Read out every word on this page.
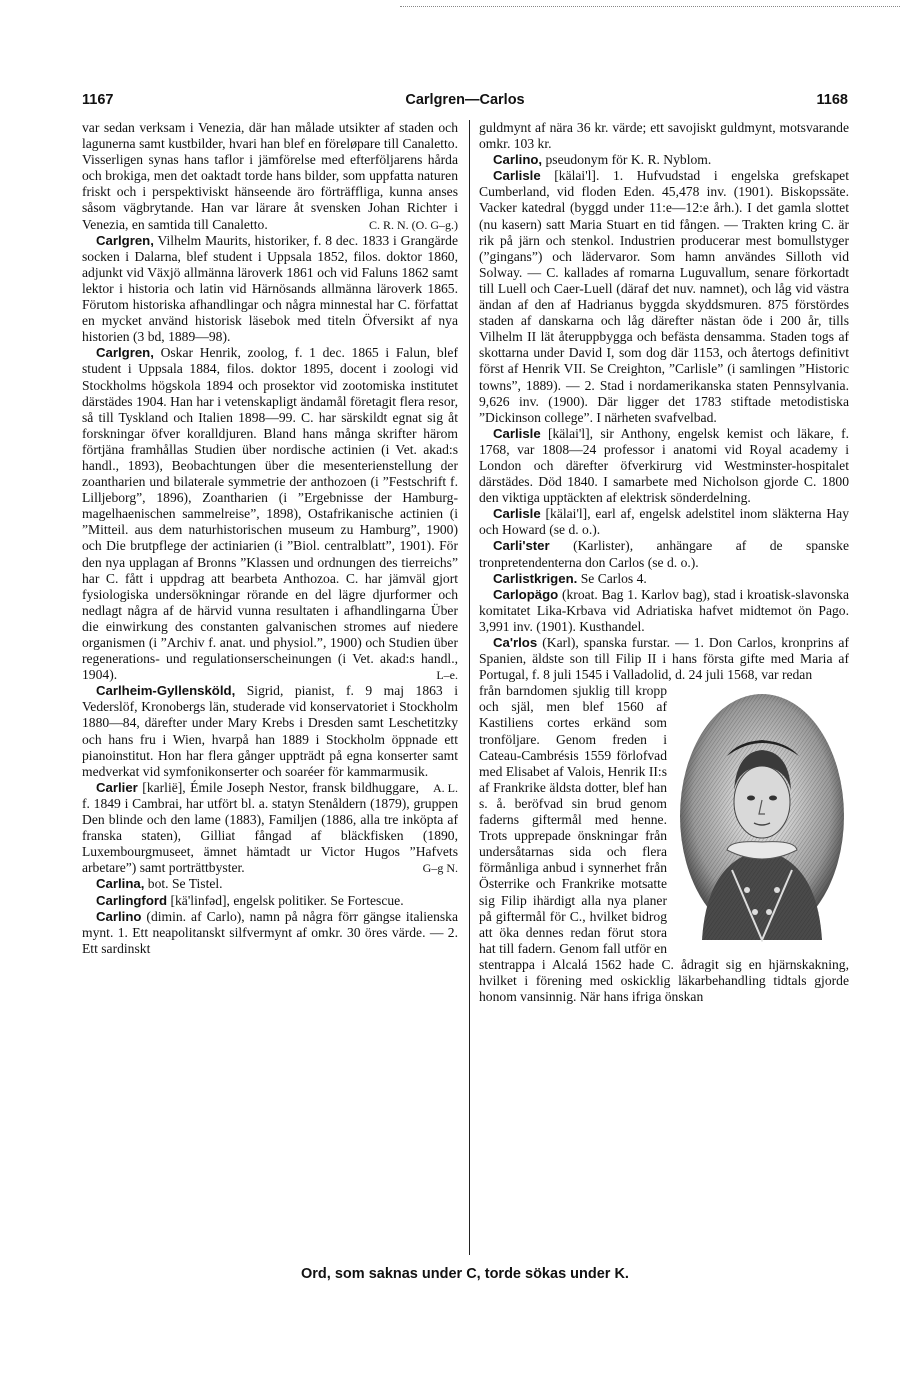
1167	Carlgren—Carlos	1168

var sedan verksam i Venezia, där han målade utsikter af staden och lagunerna samt kustbilder, hvari han blef en föreløpare till Canaletto. Visserligen synas hans taflor i jämförelse med efterföljarens hårda och brokiga, men det oaktadt torde hans bilder, som uppfatta naturen friskt och i perspektiviskt hänseende äro förträffliga, kunna anses såsom vägbrytande. Han var lärare åt svensken Johan Richter i Venezia, en samtida till Canaletto.	C. R. N. (O. G–g.)

Carlgren, Vilhelm Maurits, historiker, f. 8 dec. 1833 i Grangärde socken i Dalarna, blef student i Uppsala 1852, filos. doktor 1860, adjunkt vid Växjö allmänna läroverk 1861 och vid Faluns 1862 samt lektor i historia och latin vid Härnösands allmänna läroverk 1865. Förutom historiska afhandlingar och några minnestal har C. författat en mycket använd historisk läsebok med titeln Öfversikt af nya historien (3 bd, 1889—98).

Carlgren, Oskar Henrik, zoolog, f. 1 dec. 1865 i Falun, blef student i Uppsala 1884, filos. doktor 1895, docent i zoologi vid Stockholms högskola 1894 och prosektor vid zootomiska institutet därstädes 1904. Han har i vetenskapligt ändamål företagit flera resor, så till Tyskland och Italien 1898—99. C. har särskildt egnat sig åt forskningar öfver koralldjuren. Bland hans många skrifter härom förtjäna framhållas Studien über nordische actinien (i Vet. akad:s handl., 1893), Beobachtungen über die mesenterienstellung der zoantharien und bilaterale symmetrie der anthozoen (i ”Festschrift f. Lilljeborg”, 1896), Zoantharien (i ”Ergebnisse der Hamburg-magelhaenischen sammelreise”, 1898), Ostafrikanische actinien (i ”Mitteil. aus dem naturhistorischen museum zu Hamburg”, 1900) och Die brutpflege der actiniarien (i ”Biol. centralblatt”, 1901). För den nya upplagan af Bronns ”Klassen und ordnungen des tierreichs” har C. fått i uppdrag att bearbeta Anthozoa. C. har jämväl gjort fysiologiska undersökningar rörande en del lägre djurformer och nedlagt några af de härvid vunna resultaten i afhandlingarna Über die einwirkung des constanten galvanischen stromes auf niedere organismen (i ”Archiv f. anat. und physiol.”, 1900) och Studien über regenerations- und regulationserscheinungen (i Vet. akad:s handl., 1904).	L–e.

Carlheim-Gyllensköld, Sigrid, pianist, f. 9 maj 1863 i Vederslöf, Kronobergs län, studerade vid konservatoriet i Stockholm 1880—84, därefter under Mary Krebs i Dresden samt Leschetitzky och hans fru i Wien, hvarpå han 1889 i Stockholm öppnade ett pianoinstitut. Hon har flera gånger uppträdt på egna konserter samt medverkat vid symfonikonserter och soaréer för kammarmusik.
A. L.

Carlier [karlië], Émile Joseph Nestor, fransk bildhuggare, f. 1849 i Cambrai, har utfört bl. a. statyn Stenåldern (1879), gruppen Den blinde och den lame (1883), Familjen (1886, alla tre inköpta af franska staten), Gilliat fångad af bläckfisken (1890, Luxembourgmuseet, ämnet hämtadt ur Victor Hugos ”Hafvets arbetare”) samt porträttbyster.	G–g N.

Carlina, bot. Se Tistel.

Carlingford [kä'linfəd], engelsk politiker. Se Fortescue.

Carlino (dimin. af Carlo), namn på några förr gängse italienska mynt. 1. Ett neapolitanskt silfvermynt af omkr. 30 öres värde. — 2. Ett sardinskt

guldmynt af nära 36 kr. värde; ett savojiskt guldmynt, motsvarande omkr. 103 kr.

Carlino, pseudonym för K. R. Nyblom.

Carlisle [kälai'l]. 1. Hufvudstad i engelska grefskapet Cumberland, vid floden Eden. 45,478 inv. (1901). Biskopssäte. Vacker katedral (byggd under 11:e—12:e årh.). I det gamla slottet (nu kasern) satt Maria Stuart en tid fången. — Trakten kring C. är rik på järn och stenkol. Industrien producerar mest bomullstyger (”gingans”) och lädervaror. Som hamn användes Silloth vid Solway. — C. kallades af romarna Luguvallum, senare förkortadt till Luell och Caer-Luell (däraf det nuv. namnet), och låg vid västra ändan af den af Hadrianus byggda skyddsmuren. 875 förstördes staden af danskarna och låg därefter nästan öde i 200 år, tills Vilhelm II lät återuppbygga och befästa densamma. Staden togs af skottarna under David I, som dog där 1153, och återtogs definitivt först af Henrik VII. Se Creighton, ”Carlisle” (i samlingen ”Historic towns”, 1889). — 2. Stad i nordamerikanska staten Pennsylvania. 9,626 inv. (1900). Där ligger det 1783 stiftade metodistiska ”Dickinson college”. I närheten svafvelbad.

Carlisle [kälai'l], sir Anthony, engelsk kemist och läkare, f. 1768, var 1808—24 professor i anatomi vid Royal academy i London och därefter öfverkirurg vid Westminster-hospitalet därstädes. Död 1840. I samarbete med Nicholson gjorde C. 1800 den viktiga upptäckten af elektrisk sönderdelning.

Carlisle [kälai'l], earl af, engelsk adelstitel inom släkterna Hay och Howard (se d. o.).

Carli'ster (Karlister), anhängare af de spanske tronpretendenterna don Carlos (se d. o.).

Carlistkrigen. Se Carlos 4.

Carlopägo (kroat. Bag 1. Karlov bag), stad i kroatisk-slavonska komitatet Lika-Krbava vid Adriatiska hafvet midtemot ön Pago. 3,991 inv. (1901). Kusthandel.

Ca'rlos (Karl), spanska furstar. — 1. Don Carlos, kronprins af Spanien, äldste son till Filip II i hans första gifte med Maria af Portugal, f. 8 juli 1545 i Valladolid, d. 24 juli 1568, var redan

från barndomen sjuklig till kropp och själ, men blef 1560 af Kastiliens cortes erkänd som tronföljare. Genom freden i Cateau-Cambrésis 1559 förlofvad med Elisabet af Valois, Henrik II:s af Frankrike äldsta dotter, blef han s. å. beröfvad sin brud genom faderns giftermål med henne. Trots upprepade önskningar från undersåtarnas sida och flera förmånliga anbud i synnerhet från Österrike och Frankrike motsatte sig Filip ihärdigt alla nya planer på giftermål för C., hvilket bidrog att öka dennes redan förut stora hat till fadern. Genom fall utför en stentrappa i Alcalá 1562 hade C. ådragit sig en hjärnskakning, hvilket i förening med oskicklig läkarbehandling tidtals gjorde honom vansinnig. När hans ifriga önskan

Ord, som saknas under C, torde sökas under K.
